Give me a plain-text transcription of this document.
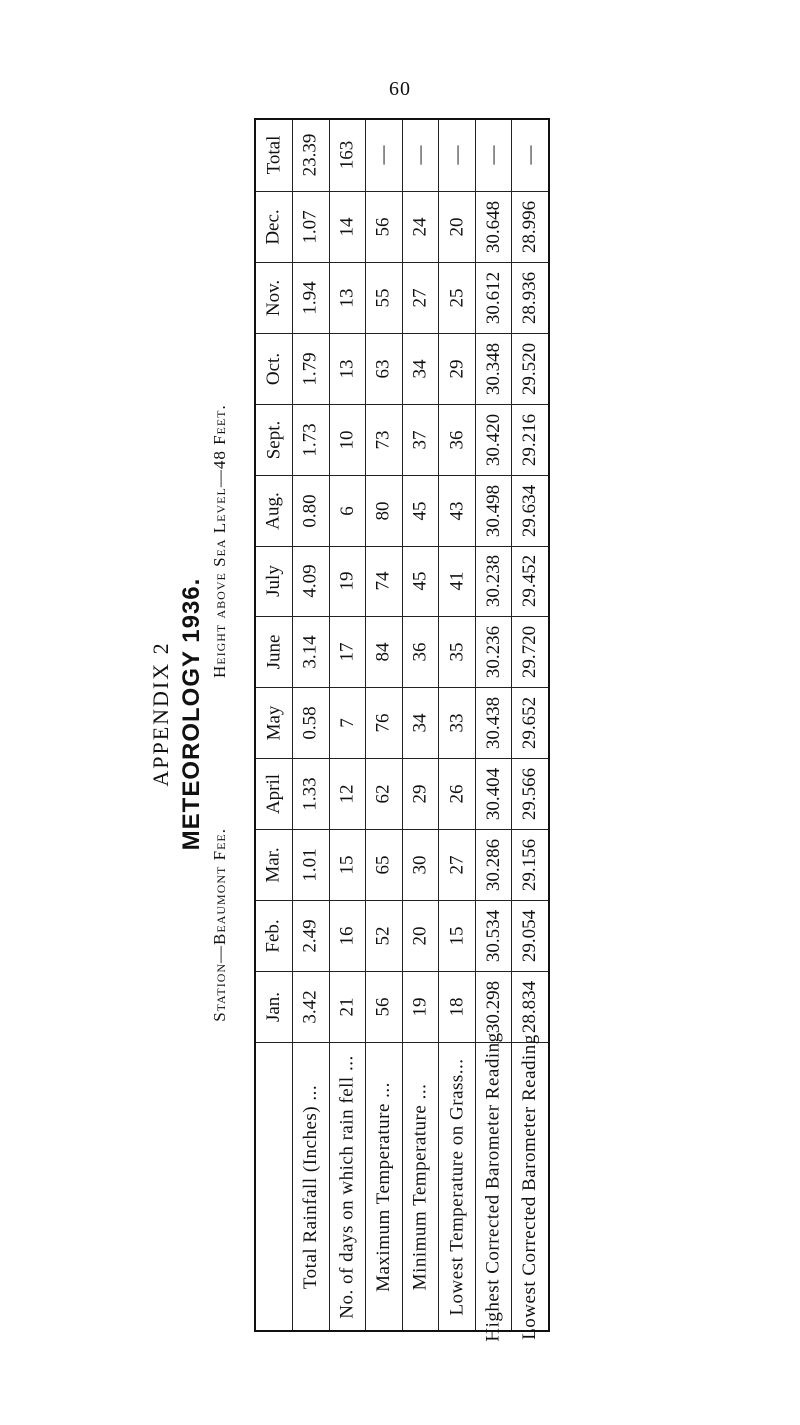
60
APPENDIX 2 METEOROLOGY 1936.
Station—Beaumont Fee.Height above Sea Level—48 Feet.
Total
Dec.
Nov.
Oct.
Sept.
Aug.
July
June
May
April
Mar.
Feb.
Jan.
23.39
1.07
1.94
1.79
1.73
0.80
4.09
3.14
0.58
1.33
1.01
2.49
3.42
Total Rainfall (Inches) ...
163
14
13
13
10
6
19
17
7
12
15
16
21
No. of days on which rain fell ...
—
56
55
63
73
80
74
84
76
62
65
52
56
Maximum Temperature ...
—
24
27
34
37
45
45
36
34
29
30
20
19
Minimum Temperature ...
—
20
25
29
36
43
41
35
33
26
27
15
18
Lowest Temperature on Grass...
—
30.648
30.612
30.348
30.420
30.498
30.238
30.236
30.438
30.404
30.286
30.534
30.298
Highest Corrected Barometer Reading
—
28.996
28.936
29.520
29.216
29.634
29.452
29.720
29.652
29.566
29.156
29.054
28.834
Lowest Corrected Barometer Reading
